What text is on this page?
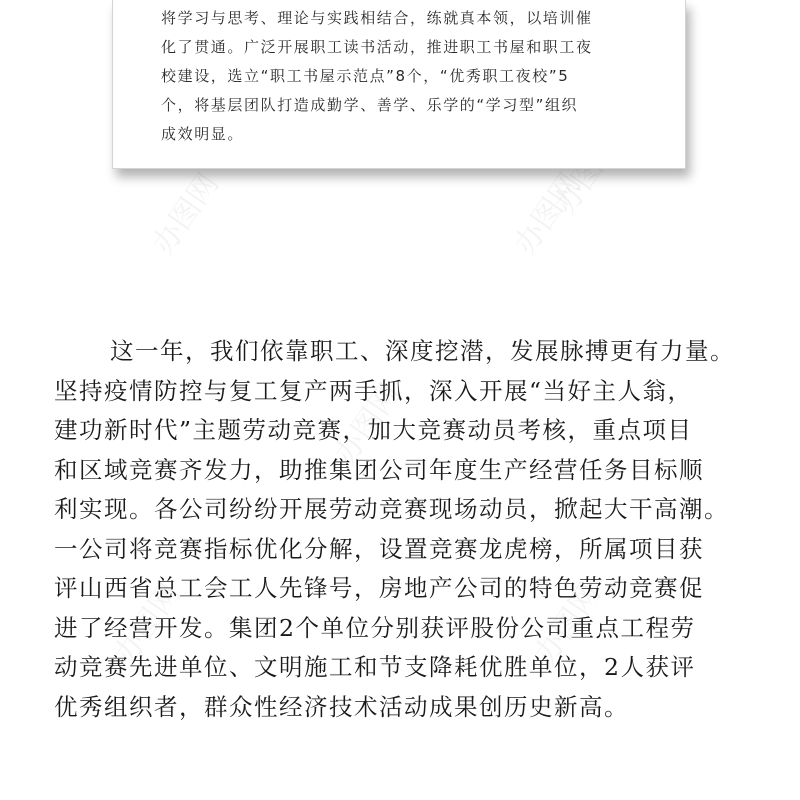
办图网	办图网
办图网
办图网
办图网	办图网

将学习与思考、理论与实践相结合，练就真本领，以培训催
化了贯通。广泛开展职工读书活动，推进职工书屋和职工夜
校建设，选立“职工书屋示范点”8个，“优秀职工夜校”5
个，将基层团队打造成勤学、善学、乐学的“学习型”组织
成效明显。

这一年，我们依靠职工、深度挖潜，发展脉搏更有力量。
坚持疫情防控与复工复产两手抓，深入开展“当好主人翁，
建功新时代”主题劳动竞赛，加大竞赛动员考核，重点项目
和区域竞赛齐发力，助推集团公司年度生产经营任务目标顺
利实现。各公司纷纷开展劳动竞赛现场动员，掀起大干高潮。
一公司将竞赛指标优化分解，设置竞赛龙虎榜，所属项目获
评山西省总工会工人先锋号，房地产公司的特色劳动竞赛促
进了经营开发。集团2个单位分别获评股份公司重点工程劳
动竞赛先进单位、文明施工和节支降耗优胜单位，2人获评
优秀组织者，群众性经济技术活动成果创历史新高。
